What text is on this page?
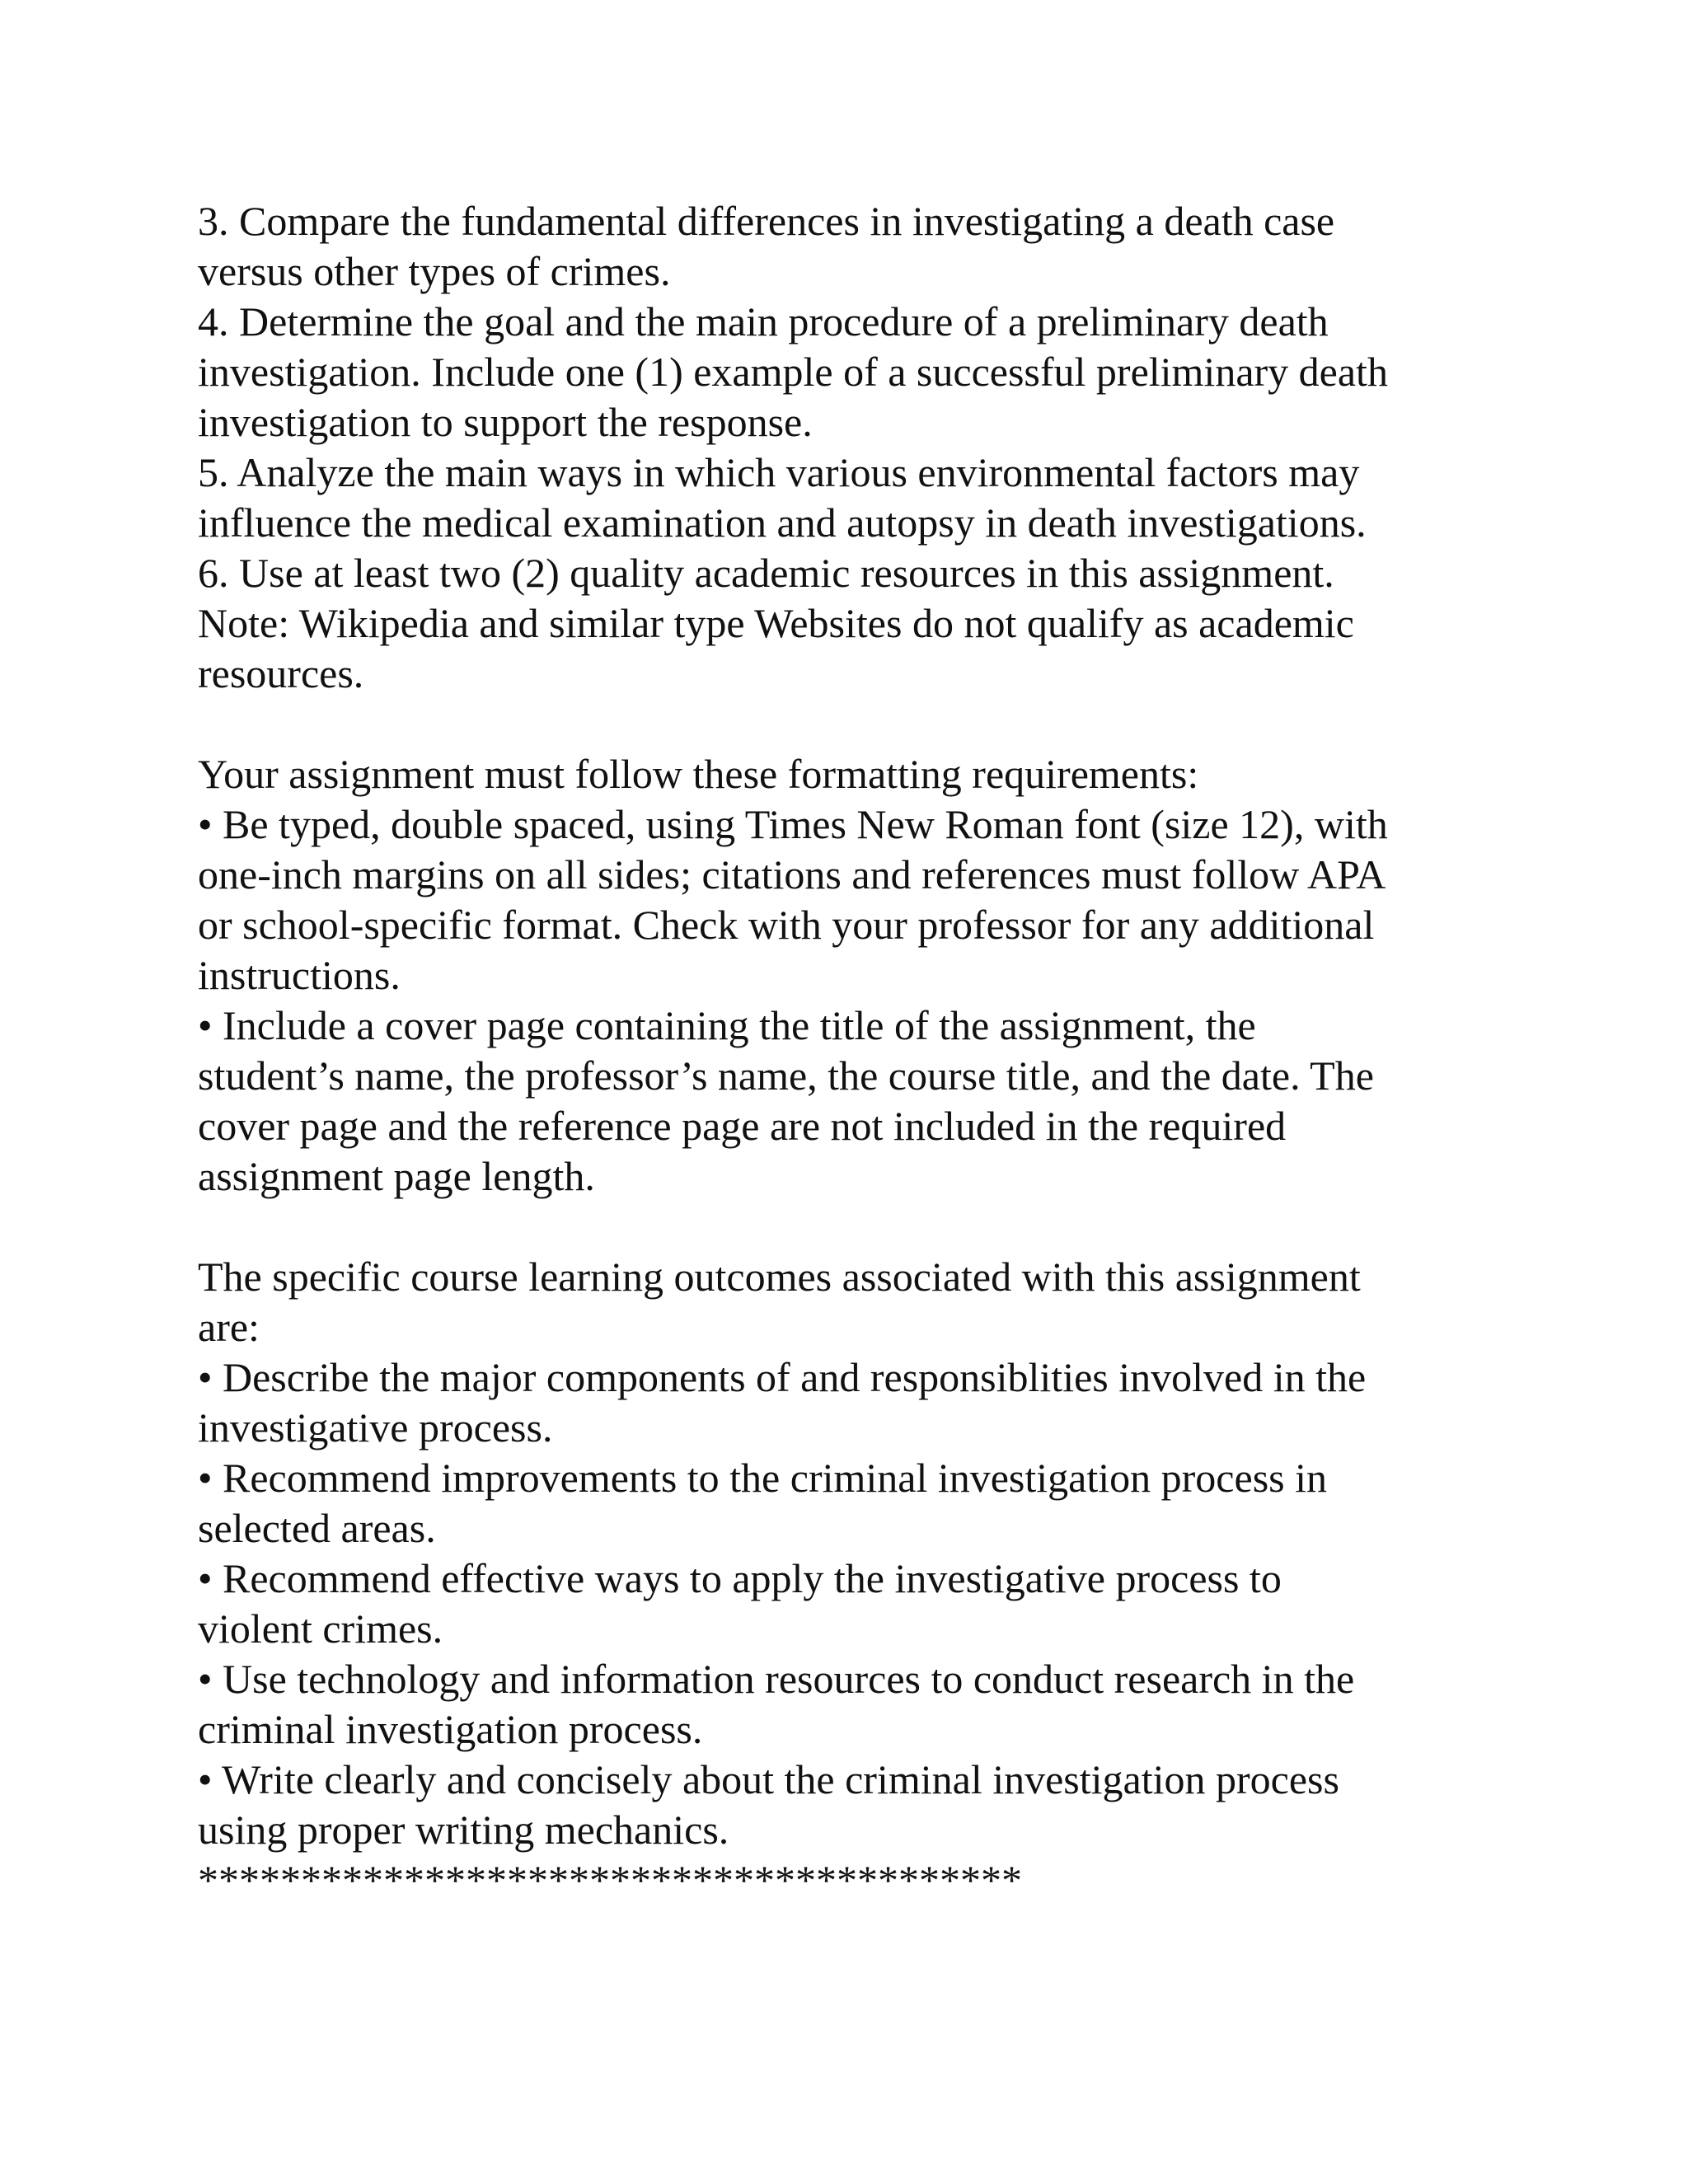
3. Compare the fundamental differences in investigating a death case
versus other types of crimes.
4. Determine the goal and the main procedure of a preliminary death
investigation. Include one (1) example of a successful preliminary death
investigation to support the response.
5. Analyze the main ways in which various environmental factors may
influence the medical examination and autopsy in death investigations.
6. Use at least two (2) quality academic resources in this assignment.
Note: Wikipedia and similar type Websites do not qualify as academic
resources.
Your assignment must follow these formatting requirements:
• Be typed, double spaced, using Times New Roman font (size 12), with
one-inch margins on all sides; citations and references must follow APA
or school-specific format. Check with your professor for any additional
instructions.
• Include a cover page containing the title of the assignment, the
student’s name, the professor’s name, the course title, and the date. The
cover page and the reference page are not included in the required
assignment page length.
The specific course learning outcomes associated with this assignment
are:
• Describe the major components of and responsiblities involved in the
investigative process.
• Recommend improvements to the criminal investigation process in
selected areas.
• Recommend effective ways to apply the investigative process to
violent crimes.
• Use technology and information resources to conduct research in the
criminal investigation process.
• Write clearly and concisely about the criminal investigation process
using proper writing mechanics.
****************************************
